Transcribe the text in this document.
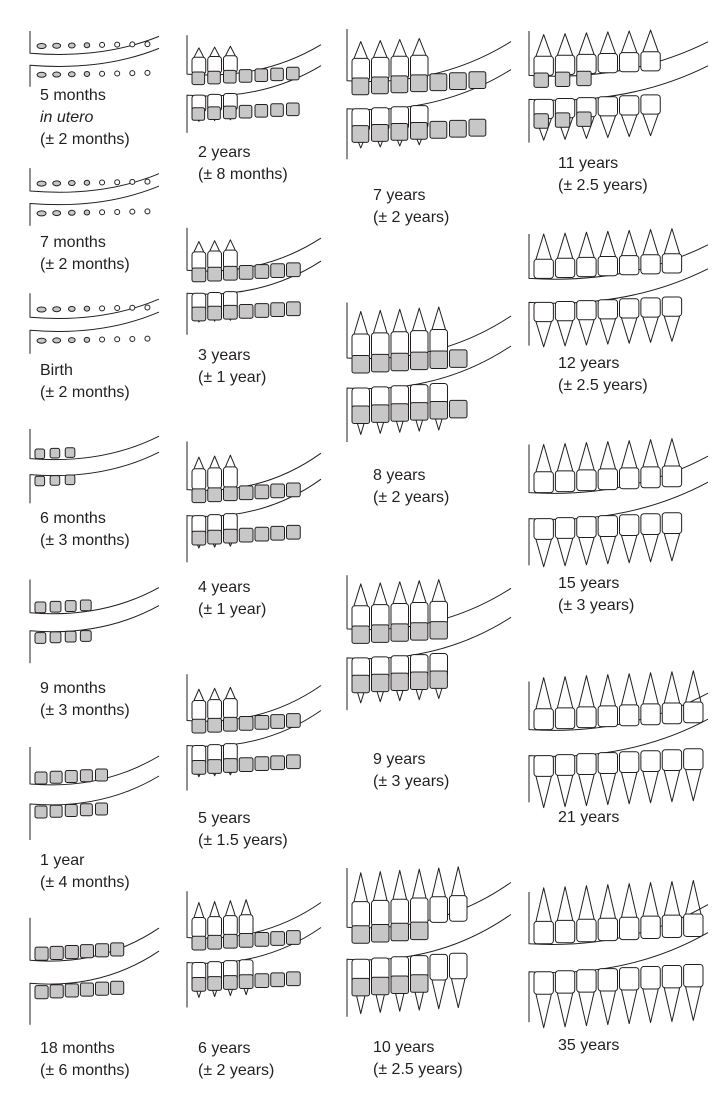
5 months
in utero
(± 2 months)
7 months
(± 2 months)
Birth
(± 2 months)
6 months
(± 3 months)
9 months
(± 3 months)
1 year
(± 4 months)
18 months
(± 6 months)
2 years
(± 8 months)
3 years
(± 1 year)
4 years
(± 1 year)
5 years
(± 1.5 years)
6 years
(± 2 years)
7 years
(± 2 years)
8 years
(± 2 years)
9 years
(± 3 years)
10 years
(± 2.5 years)
11 years
(± 2.5 years)
12 years
(± 2.5 years)
15 years
(± 3 years)
21 years
35 years
